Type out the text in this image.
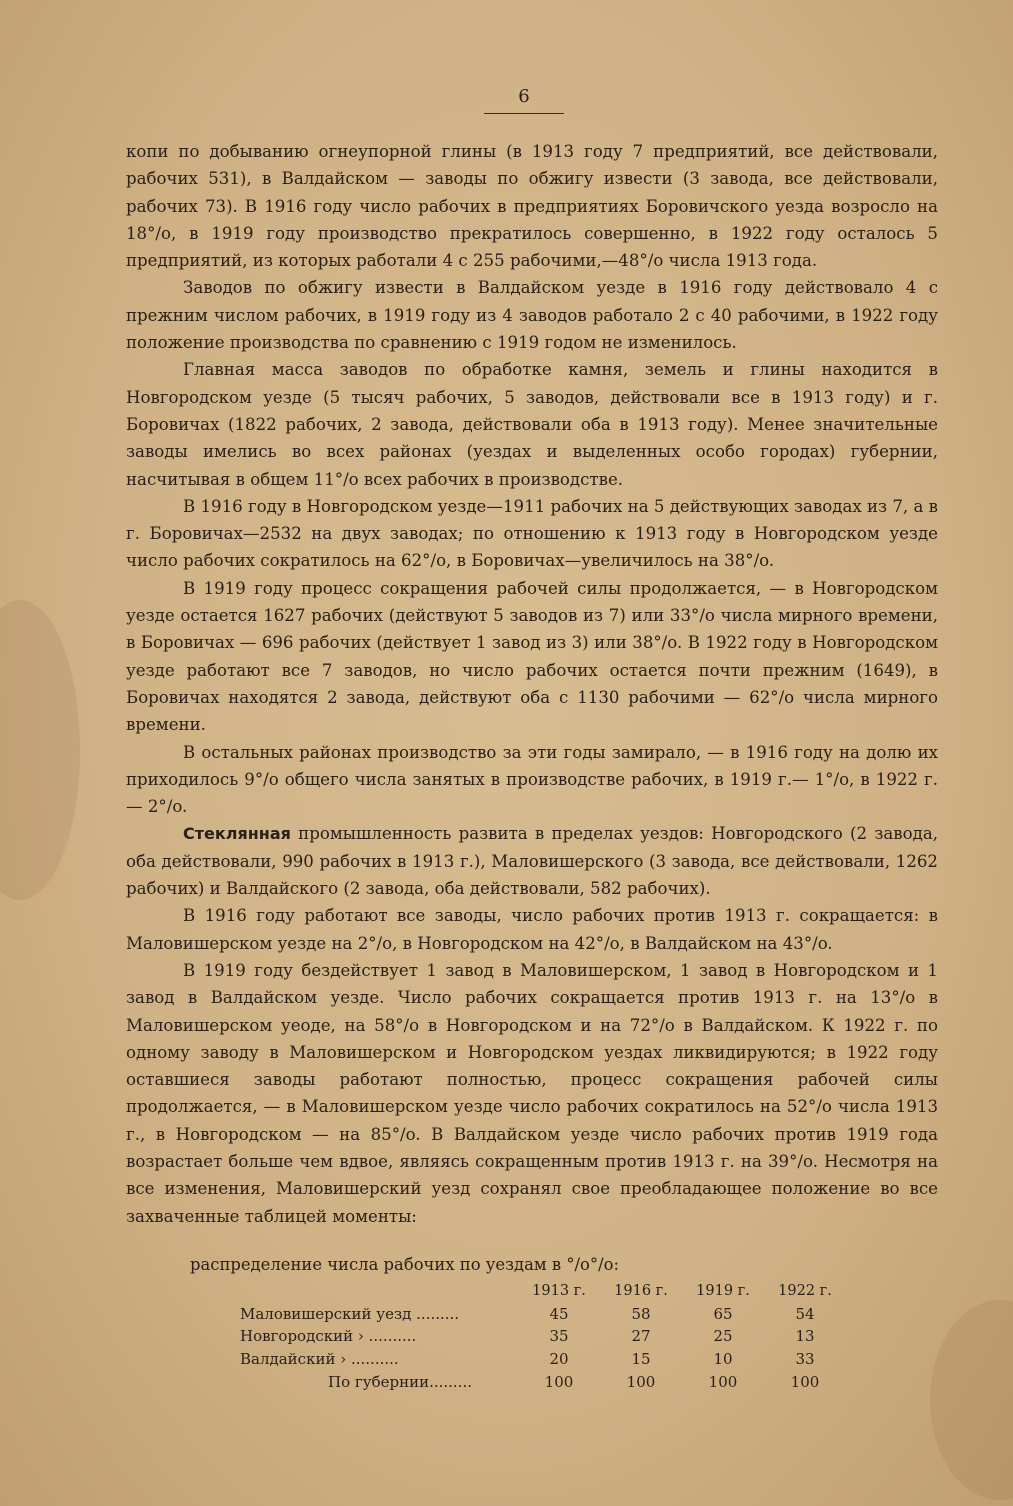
6

копи по добыванию огнеупорной глины (в 1913 году 7 предприятий, все действовали, рабочих 531), в Валдайском — заводы по обжигу извести (3 завода, все действовали, рабочих 73). В 1916 году число рабочих в предприятиях Боровичского уезда возросло на 18°/o, в 1919 году производство прекратилось совершенно, в 1922 году осталось 5 предприятий, из которых работали 4 с 255 рабочими,—48°/o числа 1913 года.

Заводов по обжигу извести в Валдайском уезде в 1916 году действовало 4 с прежним числом рабочих, в 1919 году из 4 заводов работало 2 с 40 рабочими, в 1922 году положение производства по сравнению с 1919 годом не изменилось.

Главная масса заводов по обработке камня, земель и глины находится в Новгородском уезде (5 тысяч рабочих, 5 заводов, действовали все в 1913 году) и г. Боровичах (1822 рабочих, 2 завода, действовали оба в 1913 году). Менее значительные заводы имелись во всех районах (уездах и выделенных особо городах) губернии, насчитывая в общем 11°/o всех рабочих в производстве.

В 1916 году в Новгородском уезде—1911 рабочих на 5 действующих заводах из 7, а в г. Боровичах—2532 на двух заводах; по отношению к 1913 году в Новгородском уезде число рабочих сократилось на 62°/o, в Боровичах—увеличилось на 38°/o.

В 1919 году процесс сокращения рабочей силы продолжается, — в Новгородском уезде остается 1627 рабочих (действуют 5 заводов из 7) или 33°/o числа мирного времени, в Боровичах — 696 рабочих (действует 1 завод из 3) или 38°/o. В 1922 году в Новгородском уезде работают все 7 заводов, но число рабочих остается почти прежним (1649), в Боровичах находятся 2 завода, действуют оба с 1130 рабочими — 62°/o числа мирного времени.

В остальных районах производство за эти годы замирало, — в 1916 году на долю их приходилось 9°/o общего числа занятых в производстве рабочих, в 1919 г.— 1°/o, в 1922 г. — 2°/o.

Стеклянная промышленность развита в пределах уездов: Новгородского (2 завода, оба действовали, 990 рабочих в 1913 г.), Маловишерского (3 завода, все действовали, 1262 рабочих) и Валдайского (2 завода, оба действовали, 582 рабочих).

В 1916 году работают все заводы, число рабочих против 1913 г. сокращается: в Маловишерском уезде на 2°/o, в Новгородском на 42°/o, в Валдайском на 43°/o.

В 1919 году бездействует 1 завод в Маловишерском, 1 завод в Новгородском и 1 завод в Валдайском уезде. Число рабочих сокращается против 1913 г. на 13°/o в Маловишерском уеоде, на 58°/o в Новгородском и на 72°/o в Валдайском. К 1922 г. по одному заводу в Маловишерском и Новгородском уездах ликвидируются; в 1922 году оставшиеся заводы работают полностью, процесс сокращения рабочей силы продолжается, — в Маловишерском уезде число рабочих сократилось на 52°/o числа 1913 г., в Новгородском — на 85°/o. В Валдайском уезде число рабочих против 1919 года возрастает больше чем вдвое, являясь сокращенным против 1913 г. на 39°/o. Несмотря на все изменения, Маловишерский уезд сохранял свое преобладающее положение во все захваченные таблицей моменты:

распределение числа рабочих по уездам в °/o°/o:
	1913 г.	1916 г.	1919 г.	1922 г.
Маловишерский уезд .........	45	58	65	54
Новгородский › ..........	35	27	25	13
Валдайский › ..........	20	15	10	33
По губернии.........	100	100	100	100
